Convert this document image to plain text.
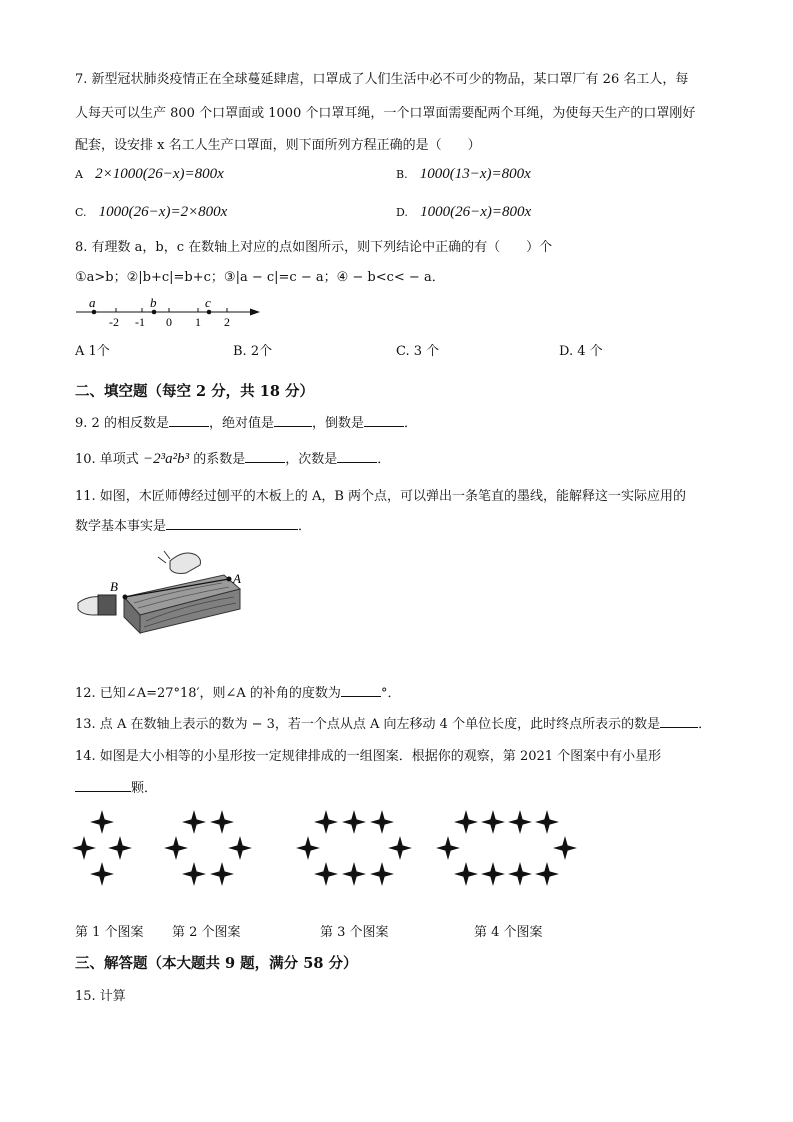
7. 新型冠状肺炎疫情正在全球蔓延肆虐，口罩成了人们生活中必不可少的物品，某口罩厂有 26 名工人，每
人每天可以生产 800 个口罩面或 1000 个口罩耳绳，一个口罩面需要配两个耳绳，为使每天生产的口罩刚好
配套，设安排 x 名工人生产口罩面，则下面所列方程正确的是（　　）
A 2×1000(26−x)=800x	B. 1000(13−x)=800x
C. 1000(26−x)=2×800x	D. 1000(26−x)=800x
8. 有理数 a，b，c 在数轴上对应的点如图所示，则下列结论中正确的有（　　）个
①a>b；②|b+c|=b+c；③|a − c|=c − a；④ − b<c< − a．
-2 -1 0 1 2
a	b	c
A 1个	B. 2个	C. 3 个	D. 4 个
二、填空题（每空 2 分，共 18 分）
9. 2 的相反数是	，绝对值是	，倒数是	．
10. 单项式 −2³a²b³ 的系数是	，次数是	．
11. 如图，木匠师傅经过刨平的木板上的 A，B 两个点，可以弹出一条笔直的墨线，能解释这一实际应用的
数学基本事实是	．
B
A
12. 已知∠A=27°18′，则∠A 的补角的度数为	°．
13. 点 A 在数轴上表示的数为 − 3，若一个点从点 A 向左移动 4 个单位长度，此时终点所表示的数是	．
14. 如图是大小相等的小星形按一定规律排成的一组图案．根据你的观察，第 2021 个图案中有小星形
颗．
第 1 个图案 第 2 个图案	第 3 个图案	第 4 个图案
三、解答题（本大题共 9 题，满分 58 分）
15. 计算
